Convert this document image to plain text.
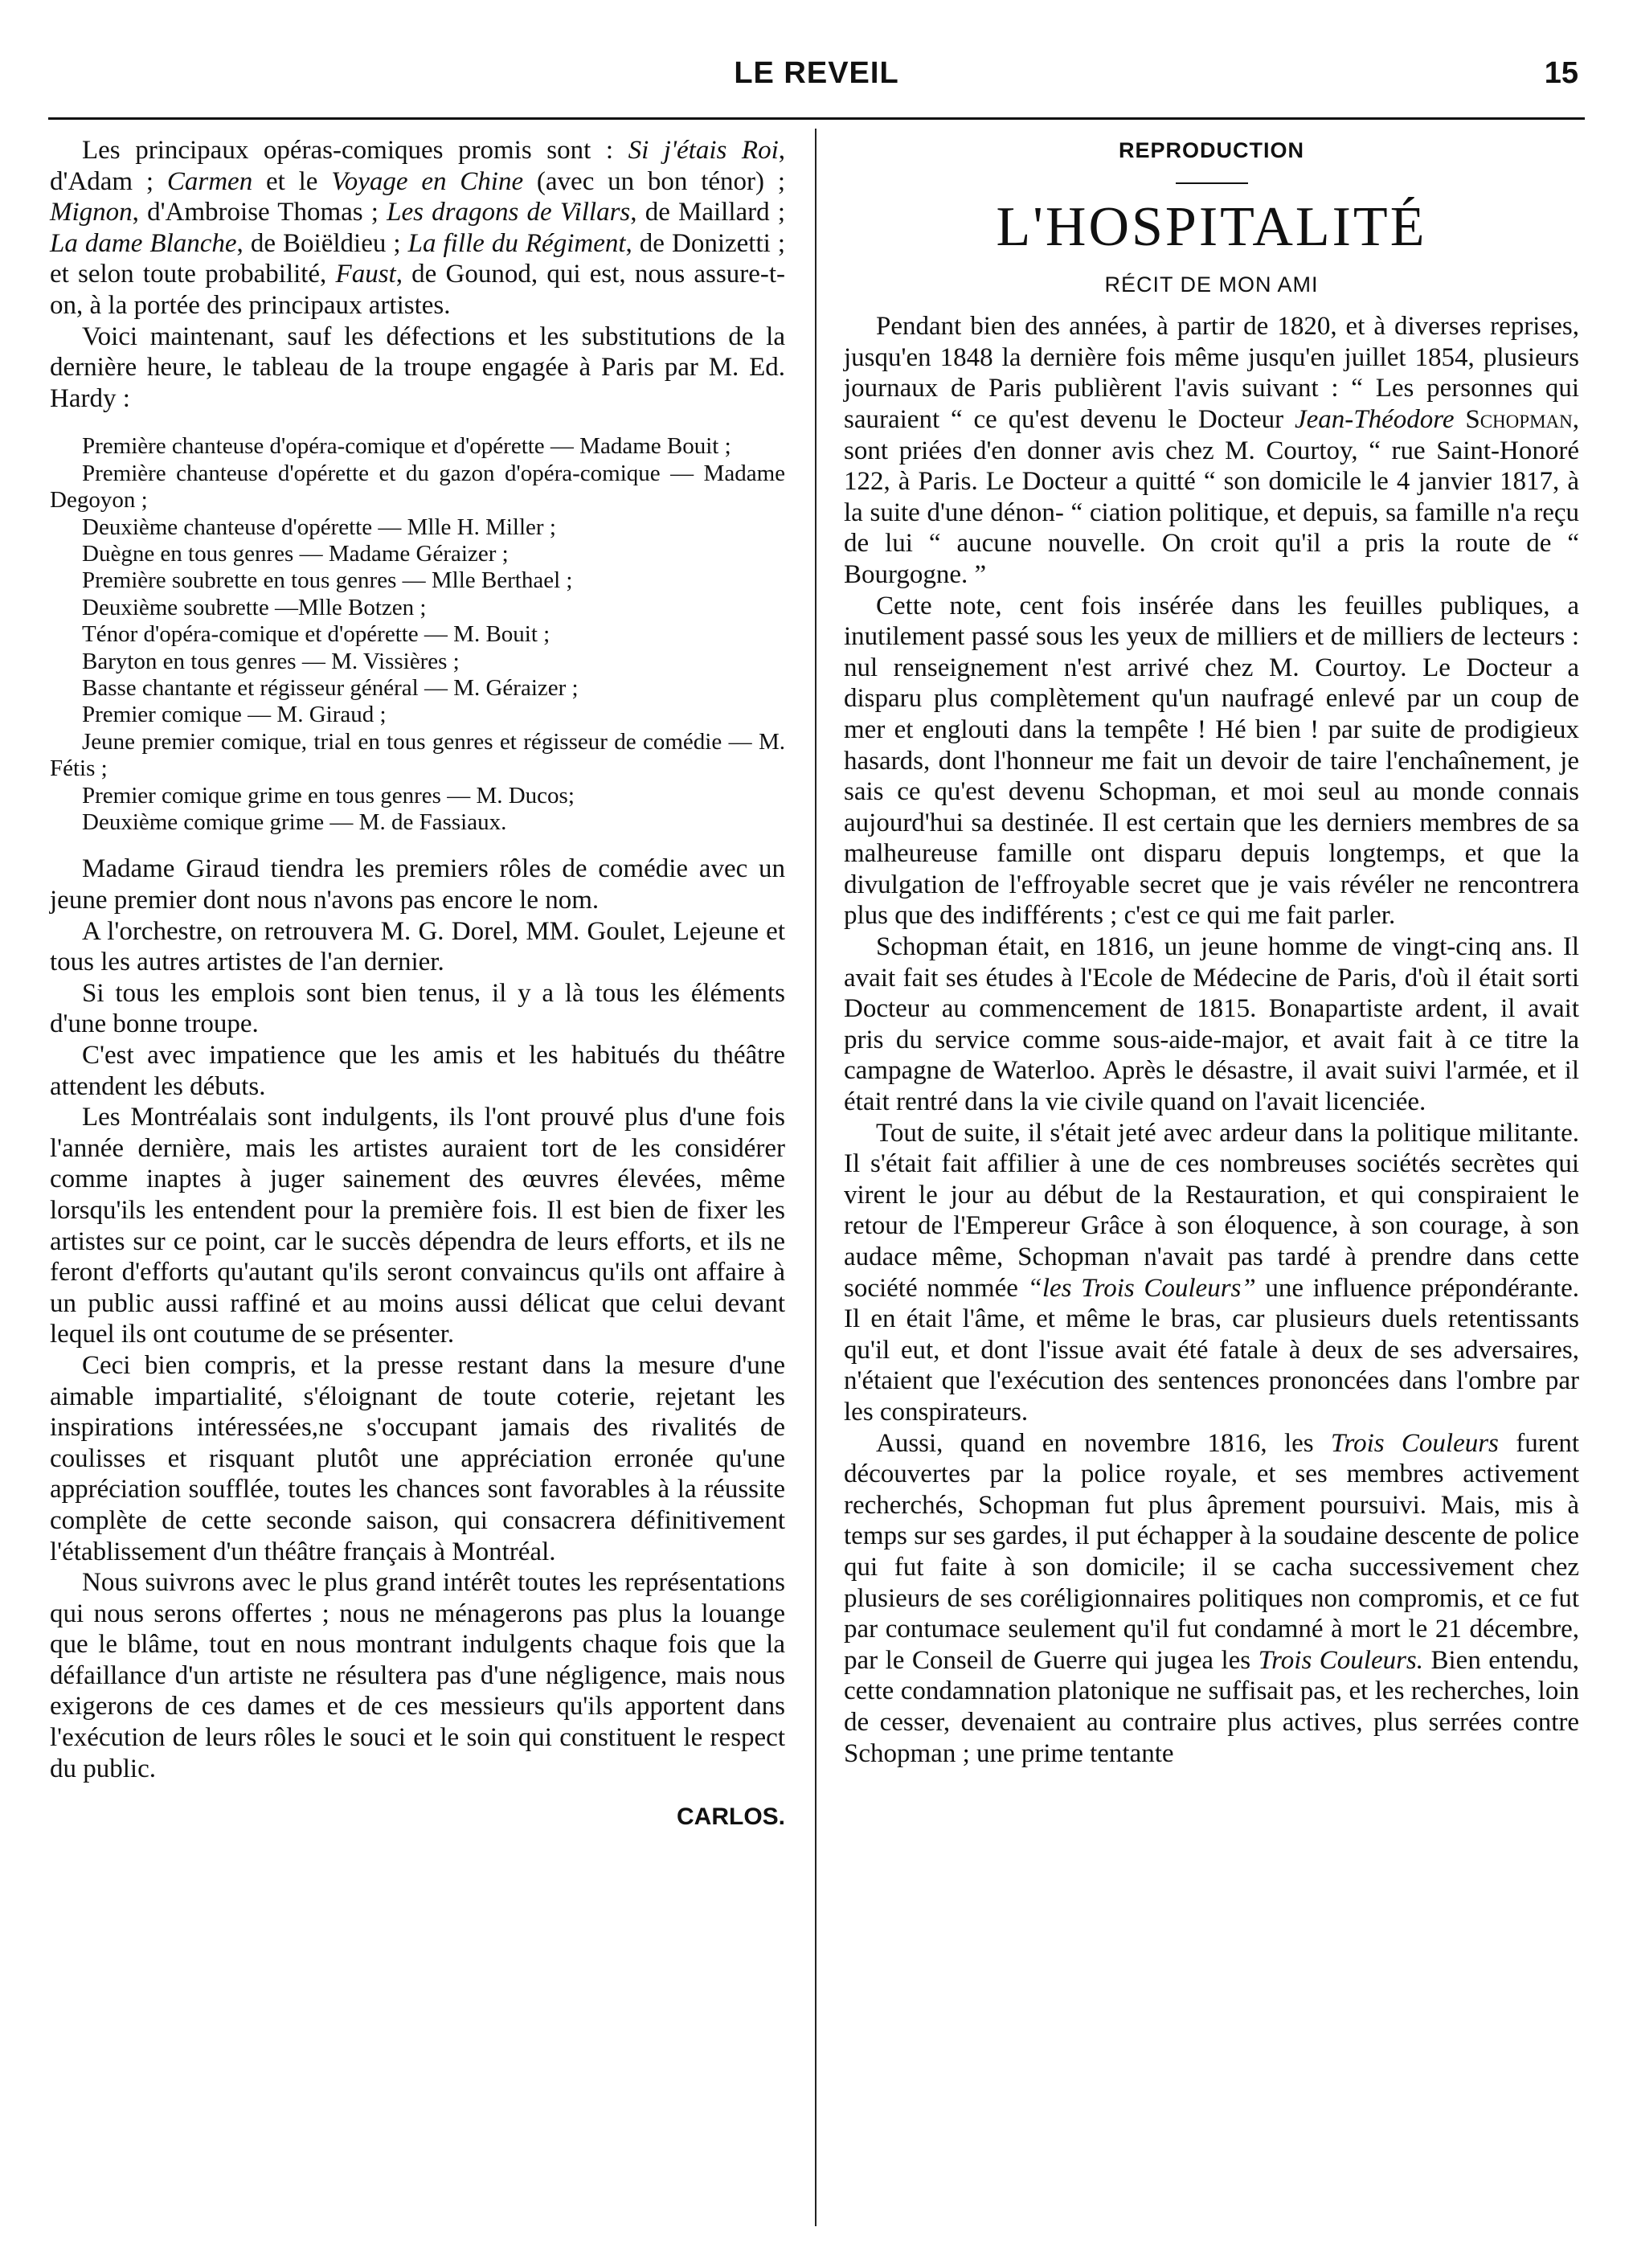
LE REVEIL	15

Les principaux opéras-comiques promis sont : Si j'étais Roi, d'Adam ; Carmen et le Voyage en Chine (avec un bon ténor) ; Mignon, d'Ambroise Thomas ; Les dragons de Villars, de Maillard ; La dame Blanche, de Boiëldieu ; La fille du Régiment, de Donizetti ; et selon toute probabilité, Faust, de Gounod, qui est, nous assure-t-on, à la portée des principaux artistes.

Voici maintenant, sauf les défections et les substitutions de la dernière heure, le tableau de la troupe engagée à Paris par M. Ed. Hardy :

Première chanteuse d'opéra-comique et d'opérette — Madame Bouit ;

Première chanteuse d'opérette et du gazon d'opéra-comique — Madame Degoyon ;

Deuxième chanteuse d'opérette — Mlle H. Miller ;

Duègne en tous genres — Madame Géraizer ;

Première soubrette en tous genres — Mlle Berthael ;

Deuxième soubrette —Mlle Botzen ;

Ténor d'opéra-comique et d'opérette — M. Bouit ;

Baryton en tous genres — M. Vissières ;

Basse chantante et régisseur général — M. Géraizer ;

Premier comique — M. Giraud ;

Jeune premier comique, trial en tous genres et régisseur de comédie — M. Fétis ;

Premier comique grime en tous genres — M. Ducos;

Deuxième comique grime — M. de Fassiaux.

Madame Giraud tiendra les premiers rôles de comédie avec un jeune premier dont nous n'avons pas encore le nom.

A l'orchestre, on retrouvera M. G. Dorel, MM. Goulet, Lejeune et tous les autres artistes de l'an dernier.

Si tous les emplois sont bien tenus, il y a là tous les éléments d'une bonne troupe.

C'est avec impatience que les amis et les habitués du théâtre attendent les débuts.

Les Montréalais sont indulgents, ils l'ont prouvé plus d'une fois l'année dernière, mais les artistes auraient tort de les considérer comme inaptes à juger sainement des œuvres élevées, même lorsqu'ils les entendent pour la première fois. Il est bien de fixer les artistes sur ce point, car le succès dépendra de leurs efforts, et ils ne feront d'efforts qu'autant qu'ils seront convaincus qu'ils ont affaire à un public aussi raffiné et au moins aussi délicat que celui devant lequel ils ont coutume de se présenter.

Ceci bien compris, et la presse restant dans la mesure d'une aimable impartialité, s'éloignant de toute coterie, rejetant les inspirations intéressées,ne s'occupant jamais des rivalités de coulisses et risquant plutôt une appréciation erronée qu'une appréciation soufflée, toutes les chances sont favorables à la réussite complète de cette seconde saison, qui consacrera définitivement l'établissement d'un théâtre français à Montréal.

Nous suivrons avec le plus grand intérêt toutes les représentations qui nous serons offertes ; nous ne ménagerons pas plus la louange que le blâme, tout en nous montrant indulgents chaque fois que la défaillance d'un artiste ne résultera pas d'une négligence, mais nous exigerons de ces dames et de ces messieurs qu'ils apportent dans l'exécution de leurs rôles le souci et le soin qui constituent le respect du public.

CARLOS.
REPRODUCTION
L'HOSPITALITÉ
RÉCIT DE MON AMI

Pendant bien des années, à partir de 1820, et à diverses reprises, jusqu'en 1848 la dernière fois même jusqu'en juillet 1854, plusieurs journaux de Paris publièrent l'avis suivant : “ Les personnes qui sauraient “ ce qu'est devenu le Docteur Jean-Théodore Schopman, sont priées d'en donner avis chez M. Courtoy, “ rue Saint-Honoré 122, à Paris. Le Docteur a quitté “ son domicile le 4 janvier 1817, à la suite d'une dénon- “ ciation politique, et depuis, sa famille n'a reçu de lui “ aucune nouvelle. On croit qu'il a pris la route de “ Bourgogne. ”

Cette note, cent fois insérée dans les feuilles publiques, a inutilement passé sous les yeux de milliers et de milliers de lecteurs : nul renseignement n'est arrivé chez M. Courtoy. Le Docteur a disparu plus complètement qu'un naufragé enlevé par un coup de mer et englouti dans la tempête ! Hé bien ! par suite de prodigieux hasards, dont l'honneur me fait un devoir de taire l'enchaînement, je sais ce qu'est devenu Schopman, et moi seul au monde connais aujourd'hui sa destinée. Il est certain que les derniers membres de sa malheureuse famille ont disparu depuis longtemps, et que la divulgation de l'effroyable secret que je vais révéler ne rencontrera plus que des indifférents ; c'est ce qui me fait parler.

Schopman était, en 1816, un jeune homme de vingt-cinq ans. Il avait fait ses études à l'Ecole de Médecine de Paris, d'où il était sorti Docteur au commencement de 1815. Bonapartiste ardent, il avait pris du service comme sous-aide-major, et avait fait à ce titre la campagne de Waterloo. Après le désastre, il avait suivi l'armée, et il était rentré dans la vie civile quand on l'avait licenciée.

Tout de suite, il s'était jeté avec ardeur dans la politique militante. Il s'était fait affilier à une de ces nombreuses sociétés secrètes qui virent le jour au début de la Restauration, et qui conspiraient le retour de l'Empereur Grâce à son éloquence, à son courage, à son audace même, Schopman n'avait pas tardé à prendre dans cette société nommée “les Trois Couleurs” une influence prépondérante. Il en était l'âme, et même le bras, car plusieurs duels retentissants qu'il eut, et dont l'issue avait été fatale à deux de ses adversaires, n'étaient que l'exécution des sentences prononcées dans l'ombre par les conspirateurs.

Aussi, quand en novembre 1816, les Trois Couleurs furent découvertes par la police royale, et ses membres activement recherchés, Schopman fut plus âprement poursuivi. Mais, mis à temps sur ses gardes, il put échapper à la soudaine descente de police qui fut faite à son domicile; il se cacha successivement chez plusieurs de ses coréligionnaires politiques non compromis, et ce fut par contumace seulement qu'il fut condamné à mort le 21 décembre, par le Conseil de Guerre qui jugea les Trois Couleurs. Bien entendu, cette condamnation platonique ne suffisait pas, et les recherches, loin de cesser, devenaient au contraire plus actives, plus serrées contre Schopman ; une prime tentante
